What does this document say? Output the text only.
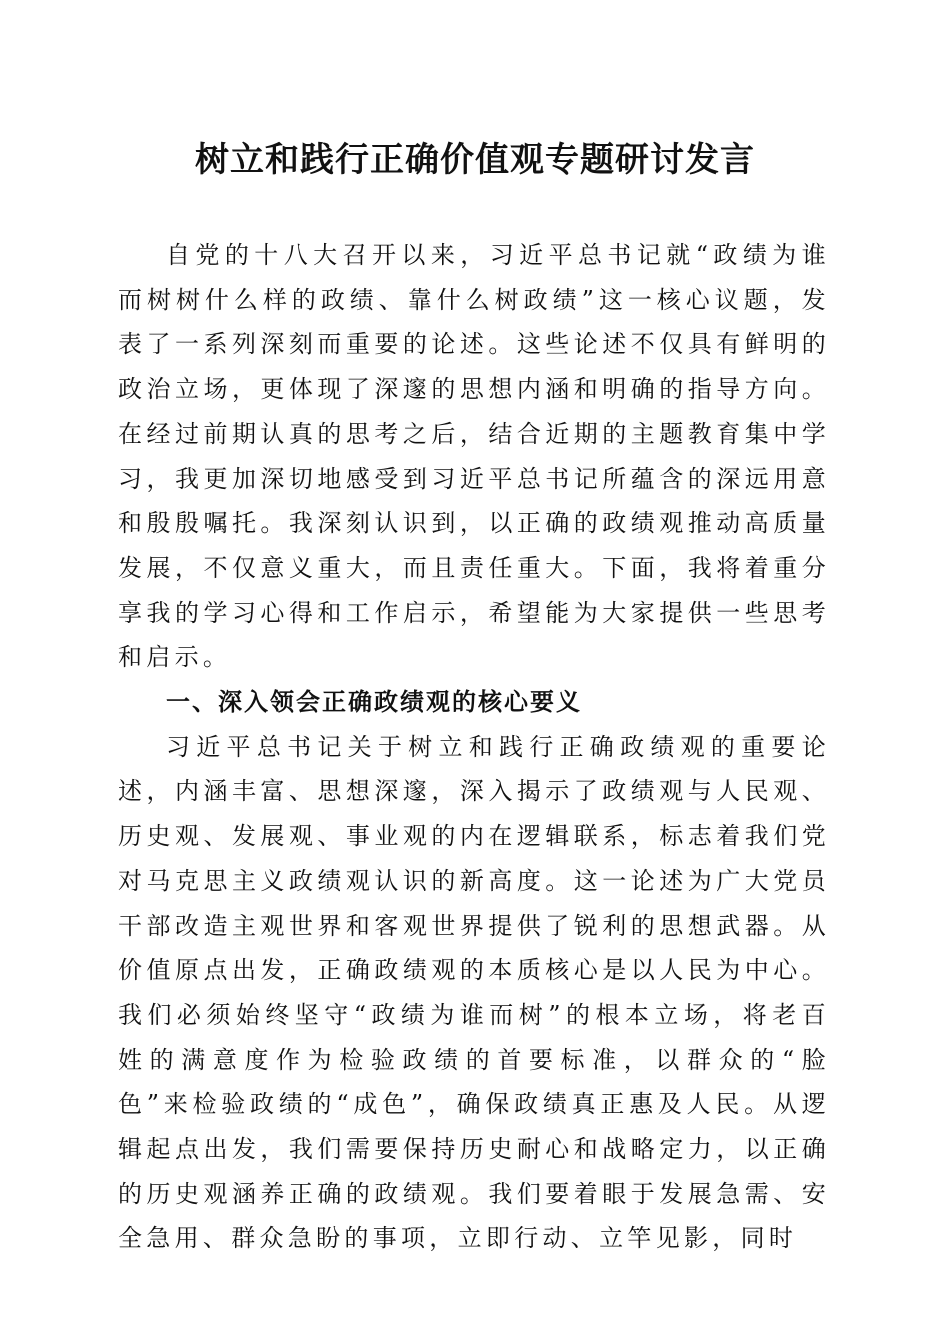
树立和践行正确价值观专题研讨发言

自党的十八大召开以来，习近平总书记就“政绩为谁而树树什么样的政绩、靠什么树政绩”这一核心议题，发表了一系列深刻而重要的论述。这些论述不仅具有鲜明的政治立场，更体现了深邃的思想内涵和明确的指导方向。在经过前期认真的思考之后，结合近期的主题教育集中学习，我更加深切地感受到习近平总书记所蕴含的深远用意和殷殷嘱托。我深刻认识到，以正确的政绩观推动高质量发展，不仅意义重大，而且责任重大。下面，我将着重分享我的学习心得和工作启示，希望能为大家提供一些思考和启示。

一、深入领会正确政绩观的核心要义

习近平总书记关于树立和践行正确政绩观的重要论述，内涵丰富、思想深邃，深入揭示了政绩观与人民观、历史观、发展观、事业观的内在逻辑联系，标志着我们党对马克思主义政绩观认识的新高度。这一论述为广大党员干部改造主观世界和客观世界提供了锐利的思想武器。从价值原点出发，正确政绩观的本质核心是以人民为中心。我们必须始终坚守“政绩为谁而树”的根本立场，将老百姓的满意度作为检验政绩的首要标准，以群众的“脸色”来检验政绩的“成色”，确保政绩真正惠及人民。从逻辑起点出发，我们需要保持历史耐心和战略定力，以正确的历史观涵养正确的政绩观。我们要着眼于发展急需、安全急用、群众急盼的事项，立即行动、立竿见影，同时
